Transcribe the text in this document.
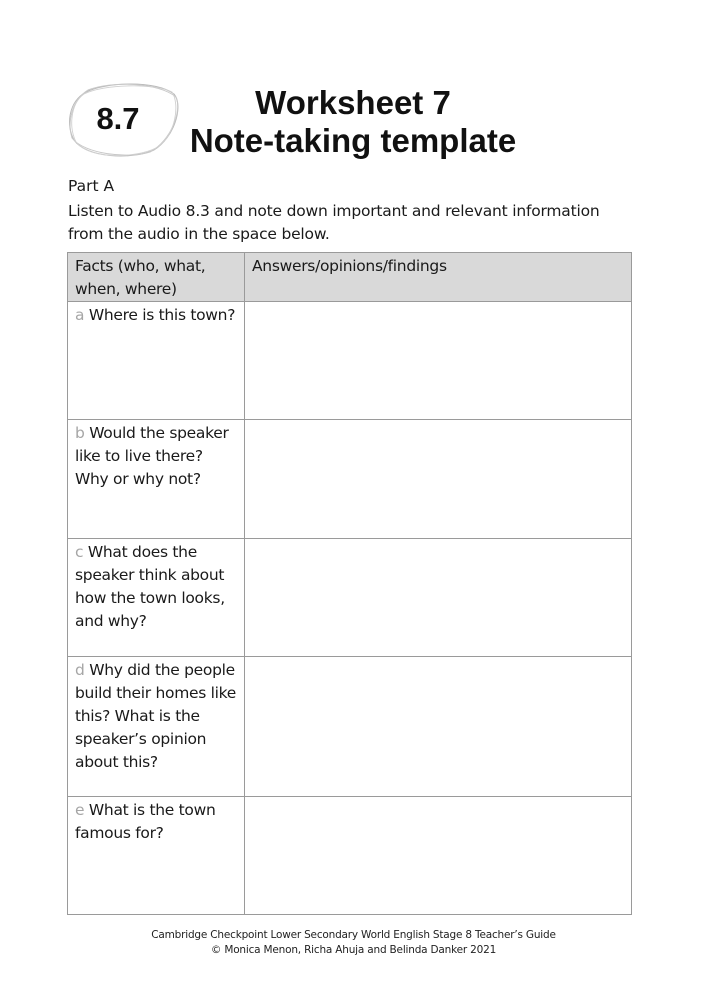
8.7	Worksheet 7
Note-taking template
Part A
Listen to Audio 8.3 and note down important and relevant information from the audio in the space below.
Facts (who, what, when, where)	Answers/opinions/findings
a Where is this town?	
b Would the speaker like to live there? Why or why not?	
c What does the speaker think about how the town looks, and why?	
d Why did the people build their homes like this? What is the speaker’s opinion about this?	
e What is the town famous for?	
Cambridge Checkpoint Lower Secondary World English Stage 8 Teacher’s Guide
© Monica Menon, Richa Ahuja and Belinda Danker 2021
